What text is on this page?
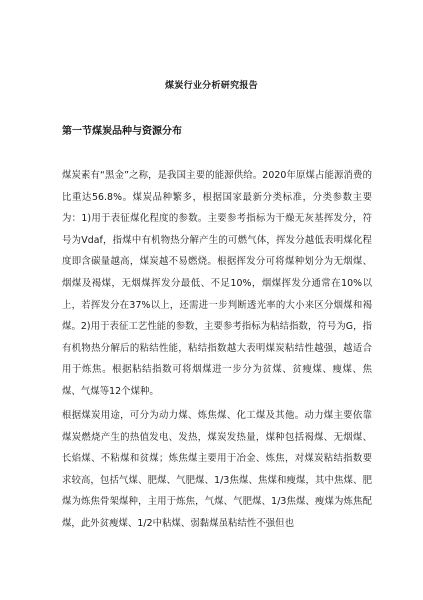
煤炭行业分析研究报告
第一节煤炭品种与资源分布

煤炭素有“黑金”之称，是我国主要的能源供给。2020年原煤占能源消费的比重达56.8%。煤炭品种繁多，根据国家最新分类标准，分类参数主要为：1)用于表征煤化程度的参数。主要参考指标为干燥无灰基挥发分，符号为Vdaf，指煤中有机物热分解产生的可燃气体，挥发分越低表明煤化程度即含碳量越高，煤炭越不易燃烧。根据挥发分可将煤种划分为无烟煤、烟煤及褐煤，无烟煤挥发分最低、不足10%，烟煤挥发分通常在10%以上，若挥发分在37%以上，还需进一步判断透光率的大小来区分烟煤和褐煤。2)用于表征工艺性能的参数，主要参考指标为粘结指数，符号为G，指有机物热分解后的粘结性能，粘结指数越大表明煤炭粘结性越强，越适合用于炼焦。根据粘结指数可将烟煤进一步分为贫煤、贫瘦煤、瘦煤、焦煤、气煤等12个煤种。

根据煤炭用途，可分为动力煤、炼焦煤、化工煤及其他。动力煤主要依靠煤炭燃烧产生的热值发电、发热，煤炭发热量，煤种包括褐煤、无烟煤、长焰煤、不粘煤和贫煤；炼焦煤主要用于冶金、炼焦，对煤炭粘结指数要求较高，包括气煤、肥煤、气肥煤、1/3焦煤、焦煤和瘦煤，其中焦煤、肥煤为炼焦骨架煤种，主用于炼焦，气煤、气肥煤、1/3焦煤、瘦煤为炼焦配煤，此外贫瘦煤、1/2中粘煤、弱黏煤虽粘结性不强但也
